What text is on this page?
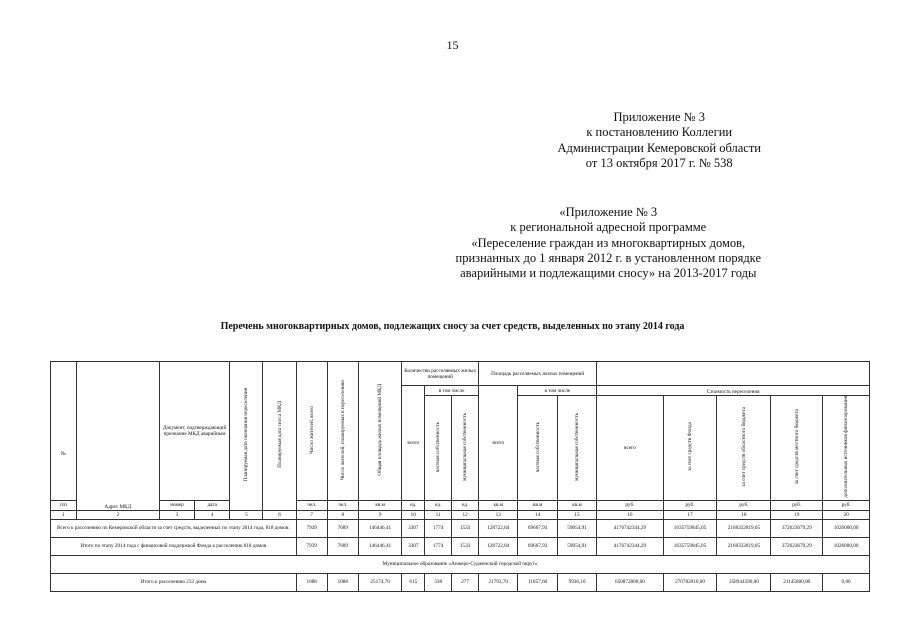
15
Приложение № 3
к постановлению Коллегии
Администрации Кемеровской области
от 13 октября 2017 г. № 538
«Приложение № 3
к региональной адресной программе
«Переселение граждан из многоквартирных домов,
признанных до 1 января 2012 г. в установленном порядке
аварийными и подлежащими сносу» на 2013-2017 годы
Перечень многоквартирных домов, подлежащих сносу за счет средств, выделенных по этапу 2014 года
№	Адрес МКД	Документ, подтверждающий признание МКД аварийным		Планируемая дата окончания переселения	Планируемая дата сноса МКД	Число жителей, всего	Число жителей, планируемых к переселению	Общая площадь жилых помещений МКД	Количество расселяемых жилых помещений			Площадь расселяемых жилых помещений							
									всего	в том числе		всего	в том числе		Стоимость переселения				
										частная собственность	муниципальная собственность		частная собственность	муниципальная собственность	всего	за счет средств Фонда	за счет средств областного бюджета	за счет средств местного бюджета	дополнительных источников финансирования
п/п		номер	дата			чел.	чел.	кв.м	ед.	ед.	ед.	кв.м	кв.м	кв.м	руб.	руб.	руб.	руб.	руб.
1	2	3	4	5	6	7	8	9	10	11	12	13	14	15	16	17	18	19	20
Всего к расселению по Кемеровской области за счет средств, выделенных по этапу 2014 года, 818 домов:						7939	7689	146446,41	3307	1774	1533	128722,84	69667,93	59054,91	4176742344,29	1635759845,05	2168332819,05	372623679,29	1026000,00
Итого по этапу 2014 года с финансовой поддержкой Фонда к расселению 818 домов						7939	7689	146446,41	3307	1774	1533	128722,84	69667,93	59054,91	4176742344,29	1635759845,05	2168332819,05	372623679,29	1026000,00
Муниципальное образование «Анжеро-Судженский городской округ»																			
Итого к расселению 233 дома						1088	1088	25174,70	615	338	277	21793,70	11857,60	9936,10	650872800,00	270782010,00	358944390,00	21145800,00	0,00
